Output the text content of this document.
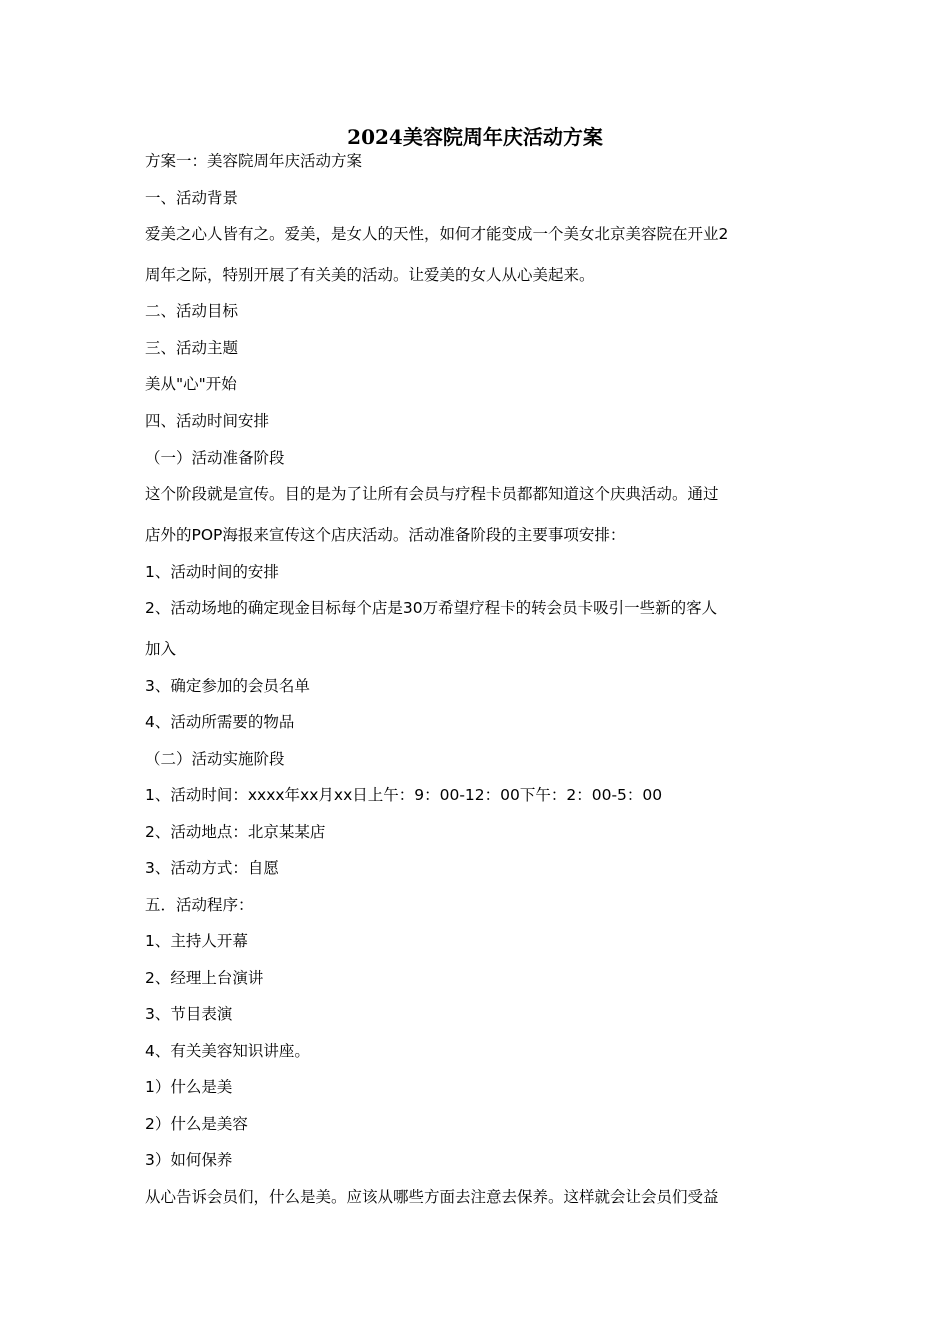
2024美容院周年庆活动方案
方案一：美容院周年庆活动方案
一、活动背景
爱美之心人皆有之。爱美，是女人的天性，如何才能变成一个美女北京美容院在开业2
周年之际，特别开展了有关美的活动。让爱美的女人从心美起来。
二、活动目标
三、活动主题
美从"心"开始
四、活动时间安排
（一）活动准备阶段
这个阶段就是宣传。目的是为了让所有会员与疗程卡员都都知道这个庆典活动。通过
店外的POP海报来宣传这个店庆活动。活动准备阶段的主要事项安排：
1、活动时间的安排
2、活动场地的确定现金目标每个店是30万希望疗程卡的转会员卡吸引一些新的客人
加入
3、确定参加的会员名单
4、活动所需要的物品
（二）活动实施阶段
1、活动时间：xxxx年xx月xx日上午：9：00-12：00下午：2：00-5：00
2、活动地点：北京某某店
3、活动方式：自愿
五．活动程序：
1、主持人开幕
2、经理上台演讲
3、节目表演
4、有关美容知识讲座。
1）什么是美
2）什么是美容
3）如何保养
从心告诉会员们，什么是美。应该从哪些方面去注意去保养。这样就会让会员们受益
